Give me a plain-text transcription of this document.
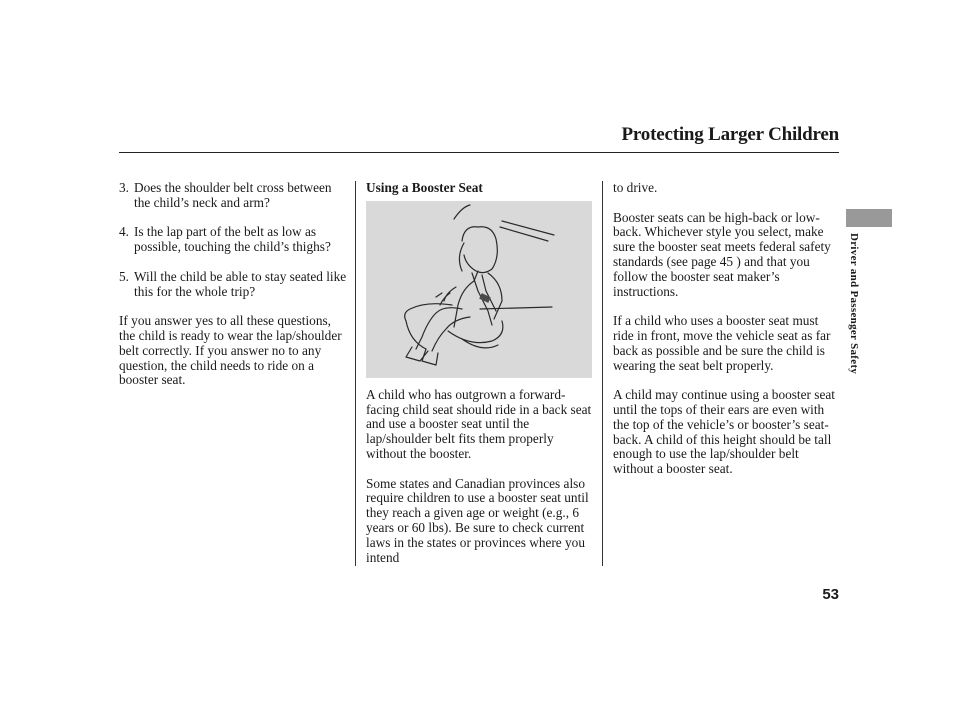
Protecting Larger Children
3. Does the shoulder belt cross between the child’s neck and arm?
4. Is the lap part of the belt as low as possible, touching the child’s thighs?
5. Will the child be able to stay seated like this for the whole trip?

If you answer yes to all these questions, the child is ready to wear the lap/shoulder belt correctly. If you answer no to any question, the child needs to ride on a booster seat.

Using a Booster Seat

A child who has outgrown a forward-facing child seat should ride in a back seat and use a booster seat until the lap/shoulder belt fits them properly without the booster.

Some states and Canadian provinces also require children to use a booster seat until they reach a given age or weight (e.g., 6 years or 60 lbs). Be sure to check current laws in the states or provinces where you intend

to drive.

Booster seats can be high-back or low-back. Whichever style you select, make sure the booster seat meets federal safety standards (see page 45 ) and that you follow the booster seat maker’s instructions.

If a child who uses a booster seat must ride in front, move the vehicle seat as far back as possible and be sure the child is wearing the seat belt properly.

A child may continue using a booster seat until the tops of their ears are even with the top of the vehicle’s or booster’s seat-back. A child of this height should be tall enough to use the lap/shoulder belt without a booster seat.

Driver and Passenger Safety
53
